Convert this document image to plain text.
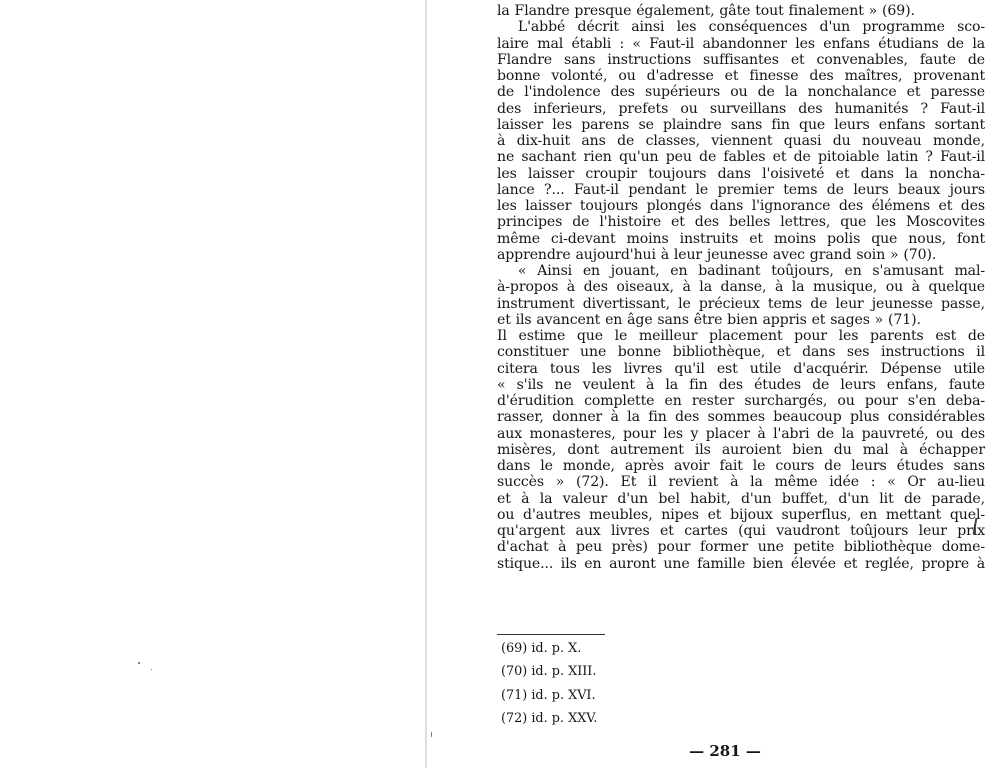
la Flandre presque également, gâte tout finalement » (69).
  L'abbé décrit ainsi les conséquences d'un programme sco-
laire mal établi : « Faut-il abandonner les enfans étudians de la
Flandre sans instructions suffisantes et convenables, faute de
bonne volonté, ou d'adresse et finesse des maîtres, provenant
de l'indolence des supérieurs ou de la nonchalance et paresse
des inferieurs, prefets ou surveillans des humanités ? Faut-il
laisser les parens se plaindre sans fin que leurs enfans sortant
à dix-huit ans de classes, viennent quasi du nouveau monde,
ne sachant rien qu'un peu de fables et de pitoiable latin ? Faut-il
les laisser croupir toujours dans l'oisiveté et dans la noncha-
lance ?... Faut-il pendant le premier tems de leurs beaux jours
les laisser toujours plongés dans l'ignorance des élémens et des
principes de l'histoire et des belles lettres, que les Moscovites
même ci-devant moins instruits et moins polis que nous, font
apprendre aujourd'hui à leur jeunesse avec grand soin » (70).
  « Ainsi en jouant, en badinant toûjours, en s'amusant mal-
à-propos à des oiseaux, à la danse, à la musique, ou à quelque
instrument divertissant, le précieux tems de leur jeunesse passe,
et ils avancent en âge sans être bien appris et sages » (71).
Il estime que le meilleur placement pour les parents est de
constituer une bonne bibliothèque, et dans ses instructions il
citera tous les livres qu'il est utile d'acquérir. Dépense utile
« s'ils ne veulent à la fin des études de leurs enfans, faute
d'érudition complette en rester surchargés, ou pour s'en deba-
rasser, donner à la fin des sommes beaucoup plus considérables
aux monasteres, pour les y placer à l'abri de la pauvreté, ou des
misères, dont autrement ils auroient bien du mal à échapper
dans le monde, après avoir fait le cours de leurs études sans
succès » (72). Et il revient à la même idée : « Or au-lieu
et à la valeur d'un bel habit, d'un buffet, d'un lit de parade,
ou d'autres meubles, nipes et bijoux superflus, en mettant quel-
qu'argent aux livres et cartes (qui vaudront toûjours leur prix
d'achat à peu près) pour former une petite bibliothèque dome-
stique... ils en auront une famille bien élevée et reglée, propre à
(69) id. p. X.
(70) id. p. XIII.
(71) id. p. XVI.
(72) id. p. XXV.
— 281 —
